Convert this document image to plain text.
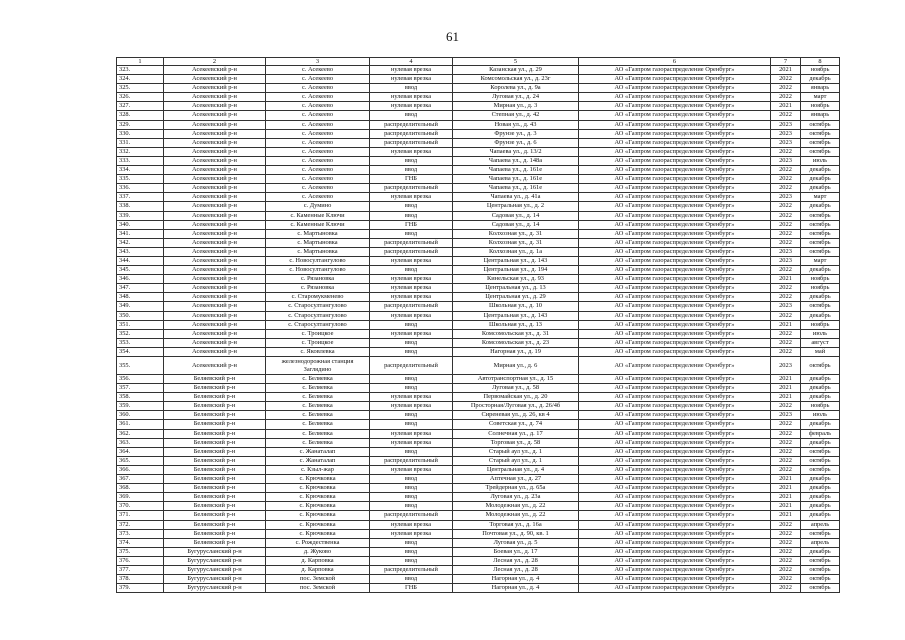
61
1	2	3	4	5	6	7	8
323.	Асекеевский р-н	с. Асекеево	нулевая врезка	Казанская ул., д. 29	АО «Газпром газораспределение Оренбург»	2021	ноябрь
324.	Асекеевский р-н	с. Асекеево	нулевая врезка	Комсомольская ул., д. 23г	АО «Газпром газораспределение Оренбург»	2022	декабрь
325.	Асекеевский р-н	с. Асекеево	ввод	Королева ул., д. 9а	АО «Газпром газораспределение Оренбург»	2022	январь
326.	Асекеевский р-н	с. Асекеево	нулевая врезка	Луговая ул., д. 24	АО «Газпром газораспределение Оренбург»	2022	март
327.	Асекеевский р-н	с. Асекеево	нулевая врезка	Мирная ул., д. 3	АО «Газпром газораспределение Оренбург»	2021	ноябрь
328.	Асекеевский р-н	с. Асекеево	ввод	Степная ул., д. 42	АО «Газпром газораспределение Оренбург»	2022	январь
329.	Асекеевский р-н	с. Асекеево	распределительный	Новая ул., д. 43	АО «Газпром газораспределение Оренбург»	2023	октябрь
330.	Асекеевский р-н	с. Асекеево	распределительный	Фрунзе ул., д. 3	АО «Газпром газораспределение Оренбург»	2023	октябрь
331.	Асекеевский р-н	с. Асекеево	распределительный	Фрунзе ул., д. 6	АО «Газпром газораспределение Оренбург»	2023	октябрь
332.	Асекеевский р-н	с. Асекеево	нулевая врезка	Чапаева ул., д. 13/2	АО «Газпром газораспределение Оренбург»	2022	октябрь
333.	Асекеевский р-н	с. Асекеево	ввод	Чапаева ул., д. 148а	АО «Газпром газораспределение Оренбург»	2023	июль
334.	Асекеевский р-н	с. Асекеево	ввод	Чапаева ул., д. 161е	АО «Газпром газораспределение Оренбург»	2022	декабрь
335.	Асекеевский р-н	с. Асекеево	ГНБ	Чапаева ул., д. 161е	АО «Газпром газораспределение Оренбург»	2022	декабрь
336.	Асекеевский р-н	с. Асекеево	распределительный	Чапаева ул., д. 161е	АО «Газпром газораспределение Оренбург»	2022	декабрь
337.	Асекеевский р-н	с. Асекеево	нулевая врезка	Чапаева ул., д. 41а	АО «Газпром газораспределение Оренбург»	2023	март
338.	Асекеевский р-н	с. Думино	ввод	Центральная ул., д. 2	АО «Газпром газораспределение Оренбург»	2022	декабрь
339.	Асекеевский р-н	с. Каменные Ключи	ввод	Садовая ул., д. 14	АО «Газпром газораспределение Оренбург»	2022	октябрь
340.	Асекеевский р-н	с. Каменные Ключи	ГНБ	Садовая ул., д. 14	АО «Газпром газораспределение Оренбург»	2022	октябрь
341.	Асекеевский р-н	с. Мартыновка	ввод	Колхозная ул., д. 31	АО «Газпром газораспределение Оренбург»	2022	октябрь
342.	Асекеевский р-н	с. Мартыновка	распределительный	Колхозная ул., д. 31	АО «Газпром газораспределение Оренбург»	2022	октябрь
343.	Асекеевский р-н	с. Мартыновка	распределительный	Колхозная ул., д. 1а	АО «Газпром газораспределение Оренбург»	2023	октябрь
344.	Асекеевский р-н	с. Новосултангулово	нулевая врезка	Центральная ул., д. 143	АО «Газпром газораспределение Оренбург»	2023	март
345.	Асекеевский р-н	с. Новосултангулово	ввод	Центральная ул., д. 194	АО «Газпром газораспределение Оренбург»	2022	декабрь
346.	Асекеевский р-н	с. Рязановка	нулевая врезка	Кинельская ул., д. 93	АО «Газпром газораспределение Оренбург»	2021	ноябрь
347.	Асекеевский р-н	с. Рязановка	нулевая врезка	Центральная ул., д. 13	АО «Газпром газораспределение Оренбург»	2022	ноябрь
348.	Асекеевский р-н	с. Старомукменево	нулевая врезка	Центральная ул., д. 29	АО «Газпром газораспределение Оренбург»	2022	декабрь
349.	Асекеевский р-н	с. Старосултангулово	распределительный	Школьная ул., д. 10	АО «Газпром газораспределение Оренбург»	2023	октябрь
350.	Асекеевский р-н	с. Старосултангулово	нулевая врезка	Центральная ул., д. 143	АО «Газпром газораспределение Оренбург»	2022	декабрь
351.	Асекеевский р-н	с. Старосултангулово	ввод	Школьная ул., д. 13	АО «Газпром газораспределение Оренбург»	2021	ноябрь
352.	Асекеевский р-н	с. Троицкое	нулевая врезка	Комсомольская ул., д. 31	АО «Газпром газораспределение Оренбург»	2022	июль
353.	Асекеевский р-н	с. Троицкое	ввод	Комсомольская ул., д. 23	АО «Газпром газораспределение Оренбург»	2022	август
354.	Асекеевский р-н	с. Яковлевка	ввод	Нагорная ул., д. 19	АО «Газпром газораспределение Оренбург»	2022	май
355.	Асекеевский р-н	железнодорожная станция Заглядино	распределительный	Мирная ул., д. 6	АО «Газпром газораспределение Оренбург»	2023	октябрь
356.	Беляевский р-н	с. Беляевка	ввод	Автотранспортная ул., д. 15	АО «Газпром газораспределение Оренбург»	2021	декабрь
357.	Беляевский р-н	с. Беляевка	ввод	Луговая ул., д. 58	АО «Газпром газораспределение Оренбург»	2021	декабрь
358.	Беляевский р-н	с. Беляевка	нулевая врезка	Первомайская ул., д. 20	АО «Газпром газораспределение Оренбург»	2021	декабрь
359.	Беляевский р-н	с. Беляевка	нулевая врезка	Просторная/Луговая ул., д. 26/4б	АО «Газпром газораспределение Оренбург»	2022	ноябрь
360.	Беляевский р-н	с. Беляевка	ввод	Сиреневая ул., д. 26, кв 4	АО «Газпром газораспределение Оренбург»	2023	июль
361.	Беляевский р-н	с. Беляевка	ввод	Советская ул., д. 74	АО «Газпром газораспределение Оренбург»	2022	декабрь
362.	Беляевский р-н	с. Беляевка	нулевая врезка	Солнечная ул., д. 17	АО «Газпром газораспределение Оренбург»	2022	февраль
363.	Беляевский р-н	с. Беляевка	нулевая врезка	Торговая ул., д. 58	АО «Газпром газораспределение Оренбург»	2022	декабрь
364.	Беляевский р-н	с. Жанаталап	ввод	Старый аул ул., д. 1	АО «Газпром газораспределение Оренбург»	2022	октябрь
365.	Беляевский р-н	с. Жанаталап	распределительный	Старый аул ул., д. 1	АО «Газпром газораспределение Оренбург»	2022	октябрь
366.	Беляевский р-н	с. Кзыл-жар	нулевая врезка	Центральная ул., д. 4	АО «Газпром газораспределение Оренбург»	2022	октябрь
367.	Беляевский р-н	с. Крючковка	ввод	Аптечная ул., д. 27	АО «Газпром газораспределение Оренбург»	2021	декабрь
368.	Беляевский р-н	с. Крючковка	ввод	Трейдерная ул., д. 65а	АО «Газпром газораспределение Оренбург»	2021	декабрь
369.	Беляевский р-н	с. Крючковка	ввод	Луговая ул., д. 23а	АО «Газпром газораспределение Оренбург»	2021	декабрь
370.	Беляевский р-н	с. Крючковка	ввод	Молодежная ул., д. 22	АО «Газпром газораспределение Оренбург»	2021	декабрь
371.	Беляевский р-н	с. Крючковка	распределительный	Молодежная ул., д. 22	АО «Газпром газораспределение Оренбург»	2021	декабрь
372.	Беляевский р-н	с. Крючковка	нулевая врезка	Торговая ул., д. 16а	АО «Газпром газораспределение Оренбург»	2022	апрель
373.	Беляевский р-н	с. Крючковка	нулевая врезка	Почтовая ул., д. 90, кв. 1	АО «Газпром газораспределение Оренбург»	2022	октябрь
374.	Беляевский р-н	с. Рождественка	ввод	Луговая ул., д. 5	АО «Газпром газораспределение Оренбург»	2022	апрель
375.	Бугурусланский р-н	д. Жуково	ввод	Боевая ул., д. 17	АО «Газпром газораспределение Оренбург»	2022	декабрь
376.	Бугурусланский р-н	д. Карповка	ввод	Лесная ул., д. 28	АО «Газпром газораспределение Оренбург»	2022	октябрь
377.	Бугурусланский р-н	д. Карповка	распределительный	Лесная ул., д. 28	АО «Газпром газораспределение Оренбург»	2022	октябрь
378.	Бугурусланский р-н	пос. Земской	ввод	Нагорная ул., д. 4	АО «Газпром газораспределение Оренбург»	2022	октябрь
379.	Бугурусланский р-н	пос. Земской	ГНБ	Нагорная ул., д. 4	АО «Газпром газораспределение Оренбург»	2022	октябрь
